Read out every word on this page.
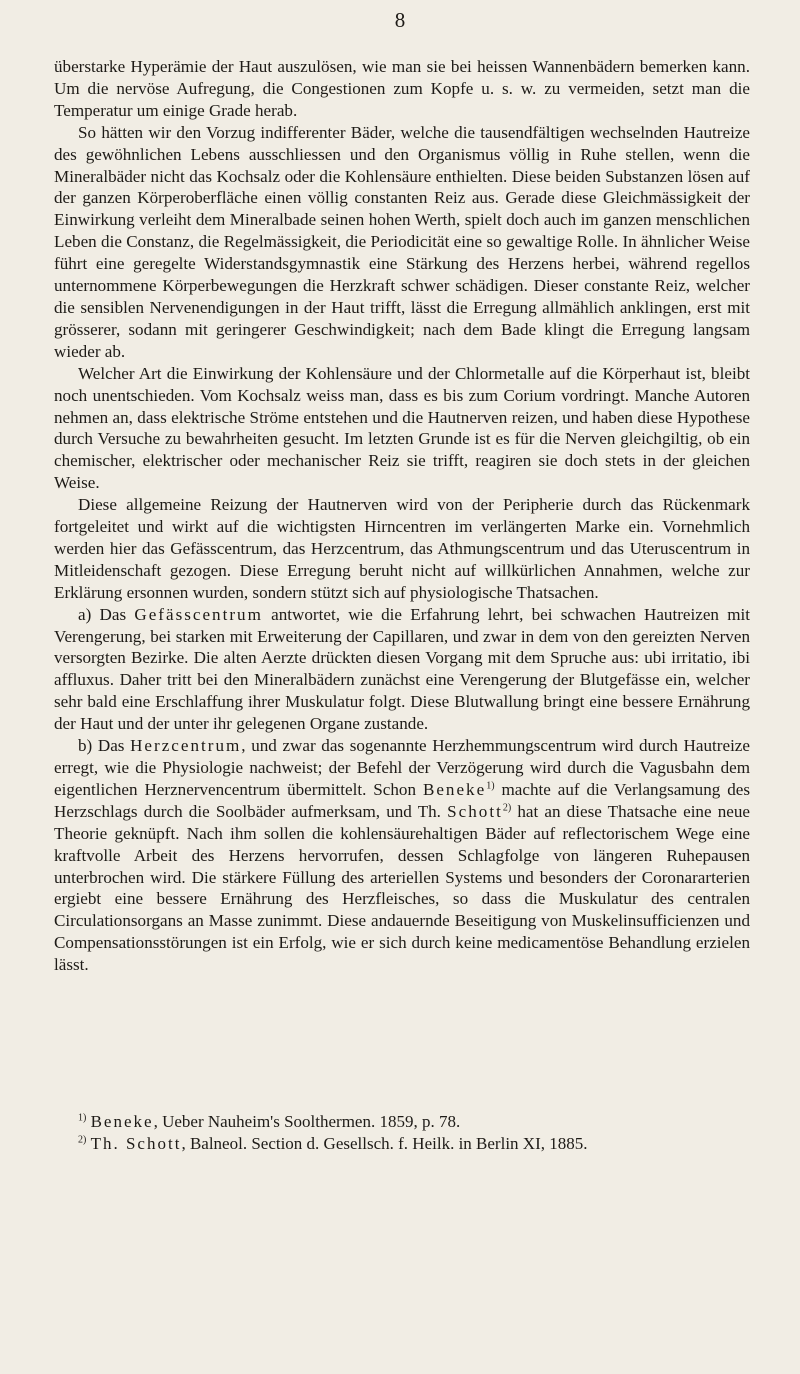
8

überstarke Hyperämie der Haut auszulösen, wie man sie bei heissen Wannenbädern bemerken kann. Um die nervöse Aufregung, die Congestionen zum Kopfe u. s. w. zu vermeiden, setzt man die Temperatur um einige Grade herab.

So hätten wir den Vorzug indifferenter Bäder, welche die tausendfältigen wechselnden Hautreize des gewöhnlichen Lebens ausschliessen und den Organismus völlig in Ruhe stellen, wenn die Mineralbäder nicht das Kochsalz oder die Kohlensäure enthielten. Diese beiden Substanzen lösen auf der ganzen Körperoberfläche einen völlig constanten Reiz aus. Gerade diese Gleichmässigkeit der Einwirkung verleiht dem Mineralbade seinen hohen Werth, spielt doch auch im ganzen menschlichen Leben die Constanz, die Regelmässigkeit, die Periodicität eine so gewaltige Rolle. In ähnlicher Weise führt eine geregelte Widerstandsgymnastik eine Stärkung des Herzens herbei, während regellos unternommene Körperbewegungen die Herzkraft schwer schädigen. Dieser constante Reiz, welcher die sensiblen Nervenendigungen in der Haut trifft, lässt die Erregung allmählich anklingen, erst mit grösserer, sodann mit geringerer Geschwindigkeit; nach dem Bade klingt die Erregung langsam wieder ab.

Welcher Art die Einwirkung der Kohlensäure und der Chlormetalle auf die Körperhaut ist, bleibt noch unentschieden. Vom Kochsalz weiss man, dass es bis zum Corium vordringt. Manche Autoren nehmen an, dass elektrische Ströme entstehen und die Hautnerven reizen, und haben diese Hypothese durch Versuche zu bewahrheiten gesucht. Im letzten Grunde ist es für die Nerven gleichgiltig, ob ein chemischer, elektrischer oder mechanischer Reiz sie trifft, reagiren sie doch stets in der gleichen Weise.

Diese allgemeine Reizung der Hautnerven wird von der Peripherie durch das Rückenmark fortgeleitet und wirkt auf die wichtigsten Hirncentren im verlängerten Marke ein. Vornehmlich werden hier das Gefässcentrum, das Herzcentrum, das Athmungscentrum und das Uteruscentrum in Mitleidenschaft gezogen. Diese Erregung beruht nicht auf willkürlichen Annahmen, welche zur Erklärung ersonnen wurden, sondern stützt sich auf physiologische Thatsachen.

a) Das Gefässcentrum antwortet, wie die Erfahrung lehrt, bei schwachen Hautreizen mit Verengerung, bei starken mit Erweiterung der Capillaren, und zwar in dem von den gereizten Nerven versorgten Bezirke. Die alten Aerzte drückten diesen Vorgang mit dem Spruche aus: ubi irritatio, ibi affluxus. Daher tritt bei den Mineralbädern zunächst eine Verengerung der Blutgefässe ein, welcher sehr bald eine Erschlaffung ihrer Muskulatur folgt. Diese Blutwallung bringt eine bessere Ernährung der Haut und der unter ihr gelegenen Organe zustande.

b) Das Herzcentrum, und zwar das sogenannte Herzhemmungscentrum wird durch Hautreize erregt, wie die Physiologie nachweist; der Befehl der Verzögerung wird durch die Vagusbahn dem eigentlichen Herznervencentrum übermittelt. Schon Beneke$^{1)}$ machte auf die Verlangsamung des Herzschlags durch die Soolbäder aufmerksam, und Th. Schott$^{2)}$ hat an diese Thatsache eine neue Theorie geknüpft. Nach ihm sollen die kohlensäurehaltigen Bäder auf reflectorischem Wege eine kraftvolle Arbeit des Herzens hervorrufen, dessen Schlagfolge von längeren Ruhepausen unterbrochen wird. Die stärkere Füllung des arteriellen Systems und besonders der Coronararterien ergiebt eine bessere Ernährung des Herzfleisches, so dass die Muskulatur des centralen Circulationsorgans an Masse zunimmt. Diese andauernde Beseitigung von Muskelinsufficienzen und Compensationsstörungen ist ein Erfolg, wie er sich durch keine medicamentöse Behandlung erzielen lässt.

$^{1)}$ Beneke, Ueber Nauheim's Soolthermen. 1859, p. 78.

$^{2)}$ Th. Schott, Balneol. Section d. Gesellsch. f. Heilk. in Berlin XI, 1885.
